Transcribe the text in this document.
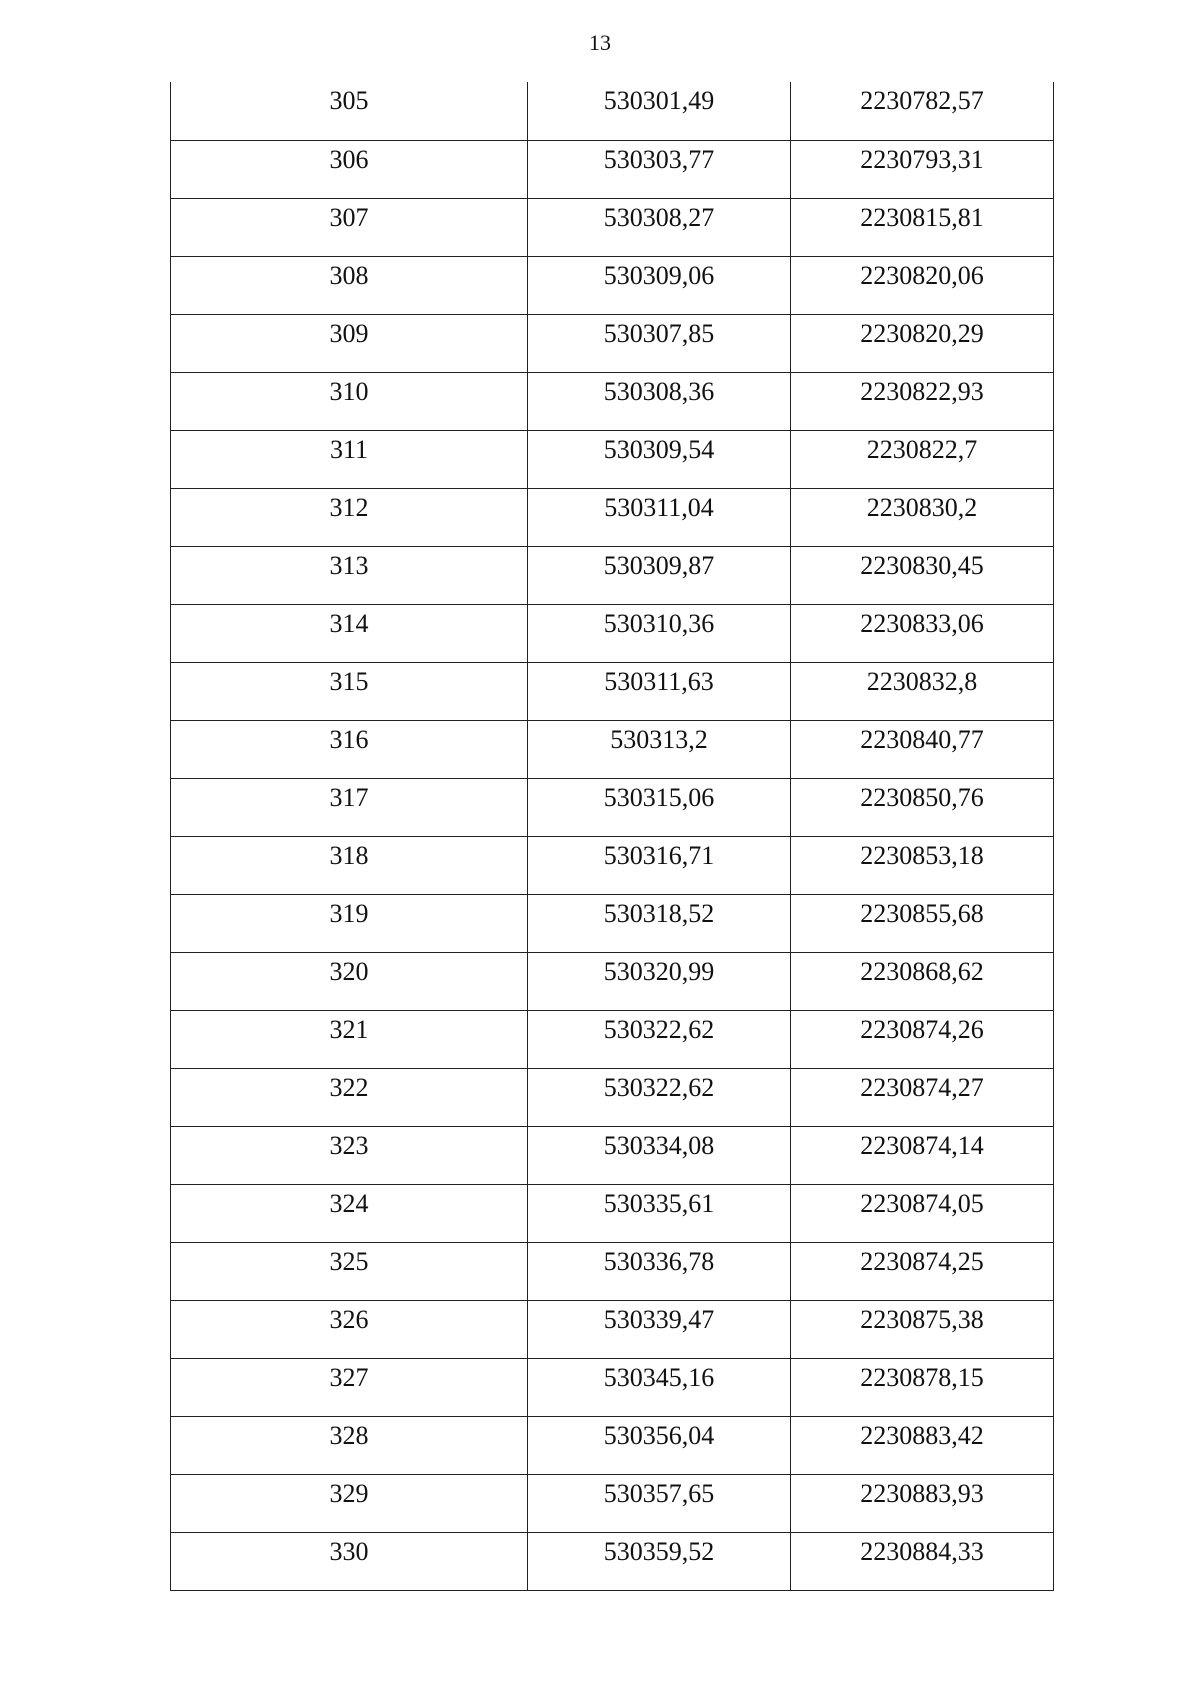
13
305	530301,49	2230782,57
306	530303,77	2230793,31
307	530308,27	2230815,81
308	530309,06	2230820,06
309	530307,85	2230820,29
310	530308,36	2230822,93
311	530309,54	2230822,7
312	530311,04	2230830,2
313	530309,87	2230830,45
314	530310,36	2230833,06
315	530311,63	2230832,8
316	530313,2	2230840,77
317	530315,06	2230850,76
318	530316,71	2230853,18
319	530318,52	2230855,68
320	530320,99	2230868,62
321	530322,62	2230874,26
322	530322,62	2230874,27
323	530334,08	2230874,14
324	530335,61	2230874,05
325	530336,78	2230874,25
326	530339,47	2230875,38
327	530345,16	2230878,15
328	530356,04	2230883,42
329	530357,65	2230883,93
330	530359,52	2230884,33
